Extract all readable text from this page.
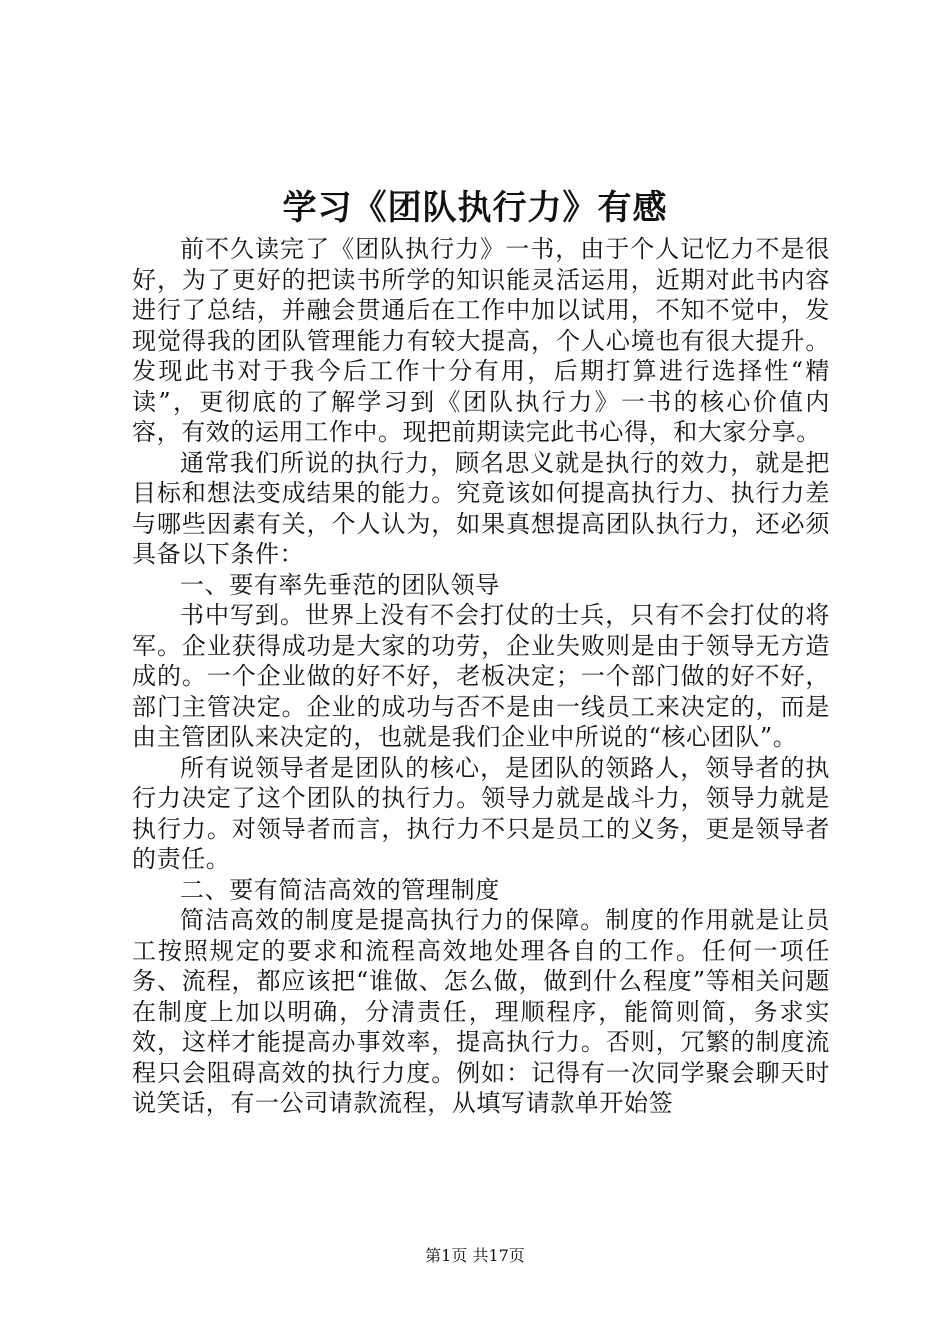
学习《团队执行力》有感

前不久读完了《团队执行力》一书，由于个人记忆力不是很好，为了更好的把读书所学的知识能灵活运用，近期对此书内容进行了总结，并融会贯通后在工作中加以试用，不知不觉中，发现觉得我的团队管理能力有较大提高，个人心境也有很大提升。发现此书对于我今后工作十分有用，后期打算进行选择性“精读”，更彻底的了解学习到《团队执行力》一书的核心价值内容，有效的运用工作中。现把前期读完此书心得，和大家分享。

通常我们所说的执行力，顾名思义就是执行的效力，就是把目标和想法变成结果的能力。究竟该如何提高执行力、执行力差与哪些因素有关，个人认为，如果真想提高团队执行力，还必须具备以下条件：

一、要有率先垂范的团队领导

书中写到。世界上没有不会打仗的士兵，只有不会打仗的将军。企业获得成功是大家的功劳，企业失败则是由于领导无方造成的。一个企业做的好不好，老板决定；一个部门做的好不好，部门主管决定。企业的成功与否不是由一线员工来决定的，而是由主管团队来决定的，也就是我们企业中所说的“核心团队”。

所有说领导者是团队的核心，是团队的领路人，领导者的执行力决定了这个团队的执行力。领导力就是战斗力，领导力就是执行力。对领导者而言，执行力不只是员工的义务，更是领导者的责任。

二、要有简洁高效的管理制度

简洁高效的制度是提高执行力的保障。制度的作用就是让员工按照规定的要求和流程高效地处理各自的工作。任何一项任务、流程，都应该把“谁做、怎么做，做到什么程度”等相关问题在制度上加以明确，分清责任，理顺程序，能简则简，务求实效，这样才能提高办事效率，提高执行力。否则，冗繁的制度流程只会阻碍高效的执行力度。例如：记得有一次同学聚会聊天时说笑话，有一公司请款流程，从填写请款单开始签

第1页 共17页
